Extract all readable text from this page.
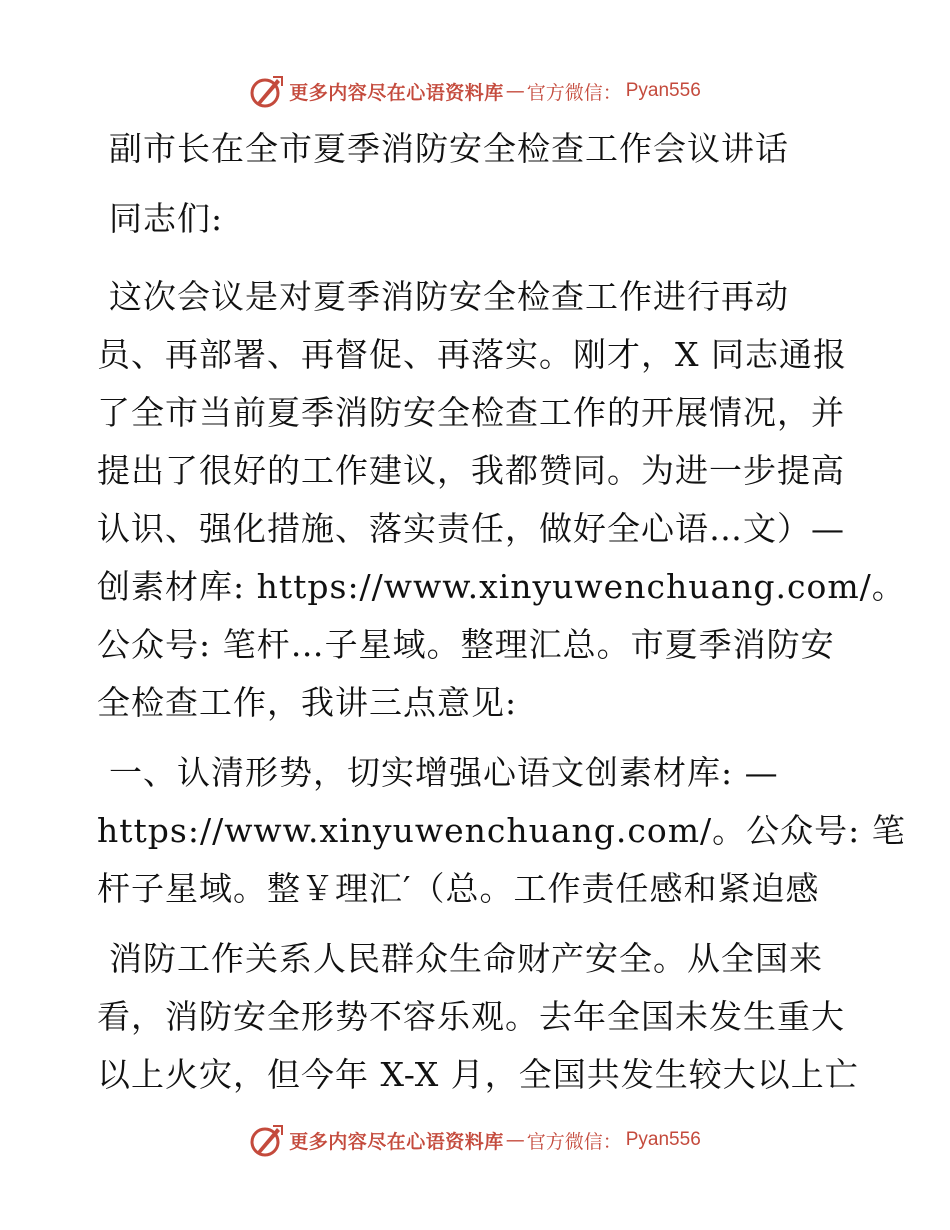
更多内容尽在心语资料库 — 官方微信： Pyan556
副市长在全市夏季消防安全检查工作会议讲话
同志们:
这次会议是对夏季消防安全检查工作进行再动
员、再部署、再督促、再落实。刚才，X 同志通报
了全市当前夏季消防安全检查工作的开展情况，并
提出了很好的工作建议，我都赞同。为进一步提高
认识、强化措施、落实责任，做好全心语…文）—
创素材库: https://www.xinyuwenchuang.com/。
公众号: 笔杆…子星域。整理汇总。市夏季消防安
全检查工作，我讲三点意见:
一、认清形势，切实增强心语文创素材库: —
https://www.xinyuwenchuang.com/。公众号: 笔
杆子星域。整￥理汇′（总。工作责任感和紧迫感
消防工作关系人民群众生命财产安全。从全国来
看，消防安全形势不容乐观。去年全国未发生重大
以上火灾，但今年 X-X 月，全国共发生较大以上亡
更多内容尽在心语资料库 — 官方微信： Pyan556
